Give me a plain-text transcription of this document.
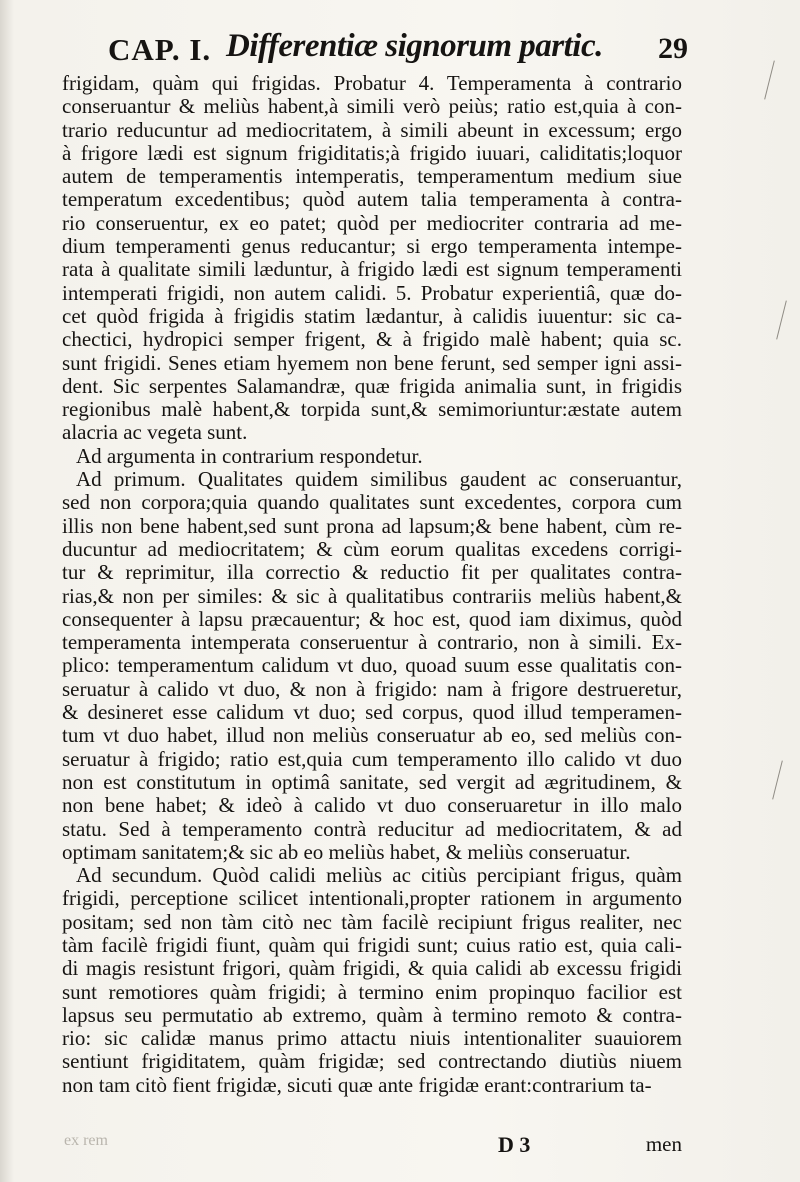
CAP. I. Differentiæ signorum partic. 29
frigidam, quàm qui frigidas. Probatur 4. Temperamenta à contrario
conseruantur & meliùs habent,à simili verò peiùs; ratio est,quia à con-
trario reducuntur ad mediocritatem, à simili abeunt in excessum; ergo
à frigore lædi est signum frigiditatis;à frigido iuuari, caliditatis;loquor
autem de temperamentis intemperatis, temperamentum medium siue
temperatum excedentibus; quòd autem talia temperamenta à contra-
rio conseruentur, ex eo patet; quòd per mediocriter contraria ad me-
dium temperamenti genus reducantur; si ergo temperamenta intempe-
rata à qualitate simili læduntur, à frigido lædi est signum temperamenti
intemperati frigidi, non autem calidi. 5. Probatur experientiâ, quæ do-
cet quòd frigida à frigidis statim lædantur, à calidis iuuentur: sic ca-
chectici, hydropici semper frigent, & à frigido malè habent; quia sc.
sunt frigidi. Senes etiam hyemem non bene ferunt, sed semper igni assi-
dent. Sic serpentes Salamandræ, quæ frigida animalia sunt, in frigidis
regionibus malè habent,& torpida sunt,& semimoriuntur:æstate autem
alacria ac vegeta sunt.
Ad argumenta in contrarium respondetur.
Ad primum. Qualitates quidem similibus gaudent ac conseruantur,
sed non corpora;quia quando qualitates sunt excedentes, corpora cum
illis non bene habent,sed sunt prona ad lapsum;& bene habent, cùm re-
ducuntur ad mediocritatem; & cùm eorum qualitas excedens corrigi-
tur & reprimitur, illa correctio & reductio fit per qualitates contra-
rias,& non per similes: & sic à qualitatibus contrariis meliùs habent,&
consequenter à lapsu præcauentur; & hoc est, quod iam diximus, quòd
temperamenta intemperata conseruentur à contrario, non à simili. Ex-
plico: temperamentum calidum vt duo, quoad suum esse qualitatis con-
seruatur à calido vt duo, & non à frigido: nam à frigore destrueretur,
& desineret esse calidum vt duo; sed corpus, quod illud temperamen-
tum vt duo habet, illud non meliùs conseruatur ab eo, sed meliùs con-
seruatur à frigido; ratio est,quia cum temperamento illo calido vt duo
non est constitutum in optimâ sanitate, sed vergit ad ægritudinem, &
non bene habet; & ideò à calido vt duo conseruaretur in illo malo
statu. Sed à temperamento contrà reducitur ad mediocritatem, & ad
optimam sanitatem;& sic ab eo meliùs habet, & meliùs conseruatur.
Ad secundum. Quòd calidi meliùs ac citiùs percipiant frigus, quàm
frigidi, perceptione scilicet intentionali,propter rationem in argumento
positam; sed non tàm citò nec tàm facilè recipiunt frigus realiter, nec
tàm facilè frigidi fiunt, quàm qui frigidi sunt; cuius ratio est, quia cali-
di magis resistunt frigori, quàm frigidi, & quia calidi ab excessu frigidi
sunt remotiores quàm frigidi; à termino enim propinquo facilior est
lapsus seu permutatio ab extremo, quàm à termino remoto & contra-
rio: sic calidæ manus primo attactu niuis intentionaliter suauiorem
sentiunt frigiditatem, quàm frigidæ; sed contrectando diutiùs niuem
non tam citò fient frigidæ, sicuti quæ ante frigidæ erant:contrarium ta-
ex rem	D 3	men
